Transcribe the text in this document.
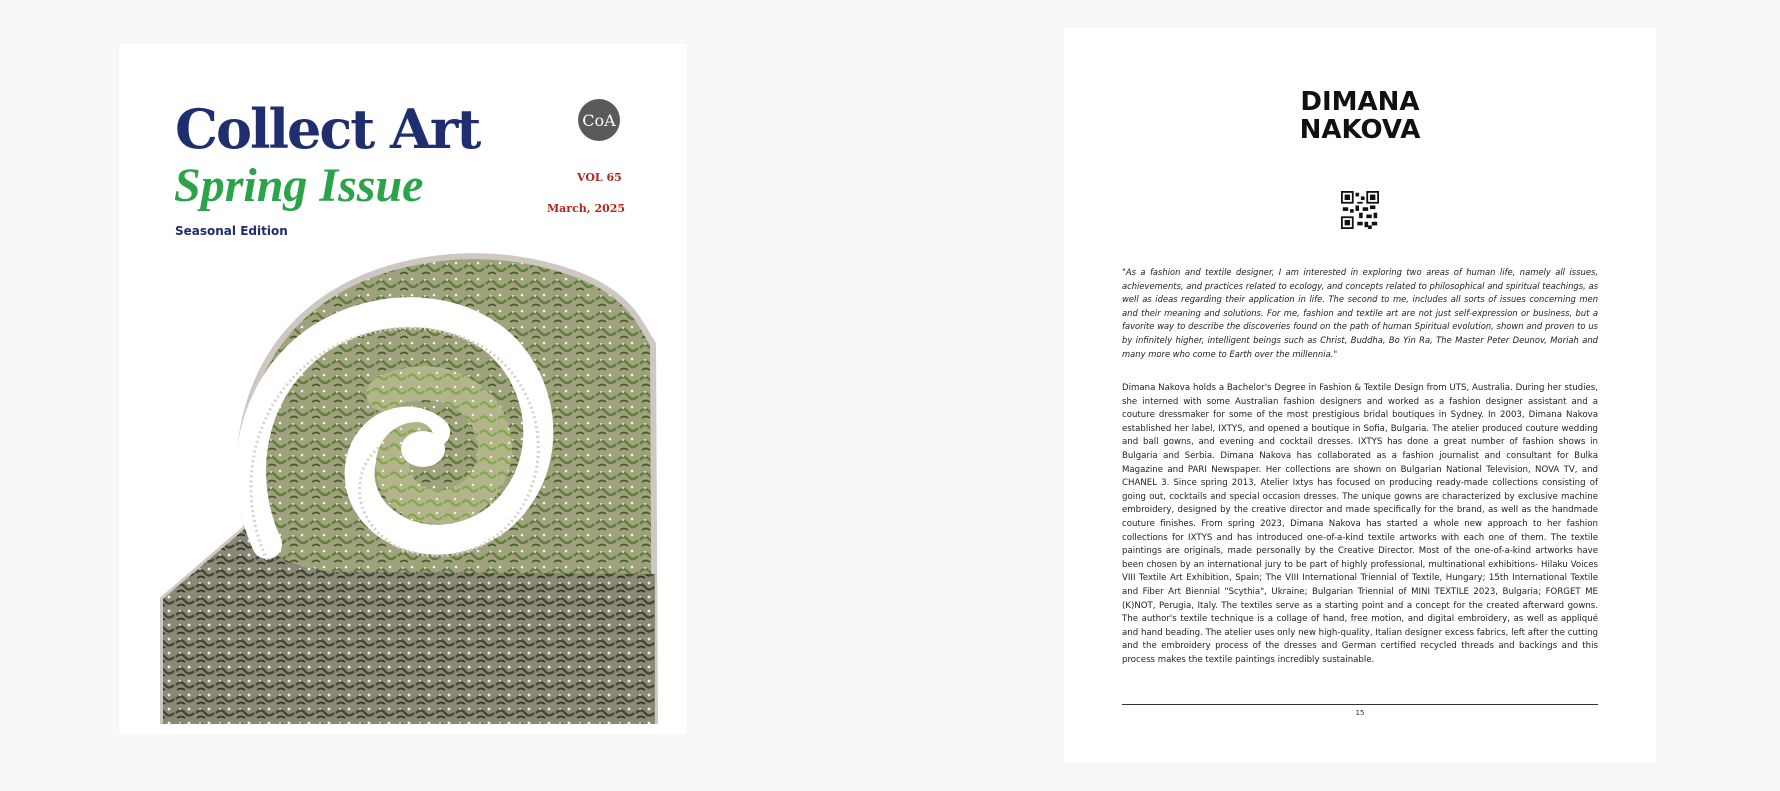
Collect Art
Spring Issue
Seasonal Edition
CoA
VOL 65
March, 2025
DIMANA
NAKOVA

"As a fashion and textile designer, I am interested in exploring two areas of human life, namely all issues, achievements, and practices related to ecology, and concepts related to philosophical and spiritual teachings, as well as ideas regarding their application in life. The second to me, includes all sorts of issues concerning men and their meaning and solutions. For me, fashion and textile art are not just self-expression or business, but a favorite way to describe the discoveries found on the path of human Spiritual evolution, shown and proven to us by infinitely higher, intelligent beings such as Christ, Buddha, Bo Yin Ra, The Master Peter Deunov, Moriah and many more who come to Earth over the millennia."

Dimana Nakova holds a Bachelor's Degree in Fashion & Textile Design from UTS, Australia. During her studies, she interned with some Australian fashion designers and worked as a fashion designer assistant and a couture dressmaker for some of the most prestigious bridal boutiques in Sydney. In 2003, Dimana Nakova established her label, IXTYS, and opened a boutique in Sofia, Bulgaria. The atelier produced couture wedding and ball gowns, and evening and cocktail dresses. IXTYS has done a great number of fashion shows in Bulgaria and Serbia. Dimana Nakova has collaborated as a fashion journalist and consultant for Bulka Magazine and PARI Newspaper. Her collections are shown on Bulgarian National Television, NOVA TV, and CHANEL 3. Since spring 2013, Atelier Ixtys has focused on producing ready-made collections consisting of going out, cocktails and special occasion dresses. The unique gowns are characterized by exclusive machine embroidery, designed by the creative director and made specifically for the brand, as well as the handmade couture finishes. From spring 2023, Dimana Nakova has started a whole new approach to her fashion collections for IXTYS and has introduced one-of-a-kind textile artworks with each one of them. The textile paintings are originals, made personally by the Creative Director. Most of the one-of-a-kind artworks have been chosen by an international jury to be part of highly professional, multinational exhibitions- Hilaku Voices VIII Textile Art Exhibition, Spain; The VIII International Triennial of Textile, Hungary; 15th International Textile and Fiber Art Biennial "Scythia", Ukraine; Bulgarian Triennial of MINI TEXTILE 2023, Bulgaria; FORGET ME (K)NOT, Perugia, Italy. The textiles serve as a starting point and a concept for the created afterward gowns. The author's textile technique is a collage of hand, free motion, and digital embroidery, as well as appliqué and hand beading. The atelier uses only new high-quality, Italian designer excess fabrics, left after the cutting and the embroidery process of the dresses and German certified recycled threads and backings and this process makes the textile paintings incredibly sustainable.

15
